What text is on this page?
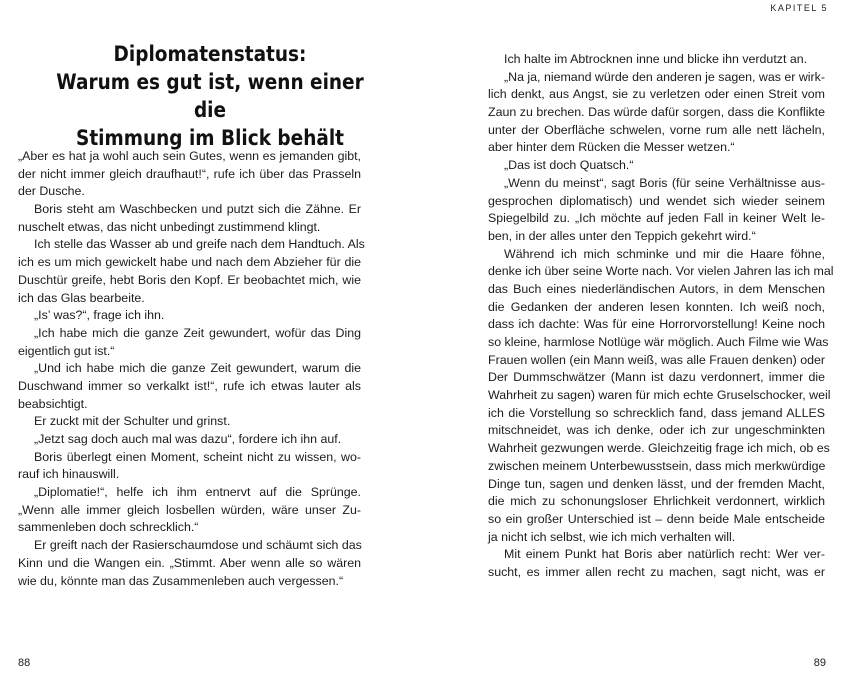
Diplomatenstatus:
Warum es gut ist, wenn einer die
Stimmung im Blick behält
„Aber es hat ja wohl auch sein Gutes, wenn es jemanden gibt,
der nicht immer gleich draufhaut!“, rufe ich über das Prasseln
der Dusche.
Boris steht am Waschbecken und putzt sich die Zähne. Er
nuschelt etwas, das nicht unbedingt zustimmend klingt.
Ich stelle das Wasser ab und greife nach dem Handtuch. Als
ich es um mich gewickelt habe und nach dem Abzieher für die
Duschtür greife, hebt Boris den Kopf. Er beobachtet mich, wie
ich das Glas bearbeite.
„Is’ was?“, frage ich ihn.
„Ich habe mich die ganze Zeit gewundert, wofür das Ding
eigentlich gut ist.“
„Und ich habe mich die ganze Zeit gewundert, warum die
Duschwand immer so verkalkt ist!“, rufe ich etwas lauter als
beabsichtigt.
Er zuckt mit der Schulter und grinst.
„Jetzt sag doch auch mal was dazu“, fordere ich ihn auf.
Boris überlegt einen Moment, scheint nicht zu wissen, wo-
rauf ich hinauswill.
„Diplomatie!“, helfe ich ihm entnervt auf die Sprünge.
„Wenn alle immer gleich losbellen würden, wäre unser Zu-
sammenleben doch schrecklich.“
Er greift nach der Rasierschaumdose und schäumt sich das
Kinn und die Wangen ein. „Stimmt. Aber wenn alle so wären
wie du, könnte man das Zusammenleben auch vergessen.“

88

KAPITEL 5

Ich halte im Abtrocknen inne und blicke ihn verdutzt an.
„Na ja, niemand würde den anderen je sagen, was er wirk-
lich denkt, aus Angst, sie zu verletzen oder einen Streit vom
Zaun zu brechen. Das würde dafür sorgen, dass die Konflikte
unter der Oberfläche schwelen, vorne rum alle nett lächeln,
aber hinter dem Rücken die Messer wetzen.“
„Das ist doch Quatsch.“
„Wenn du meinst“, sagt Boris (für seine Verhältnisse aus-
gesprochen diplomatisch) und wendet sich wieder seinem
Spiegelbild zu. „Ich möchte auf jeden Fall in keiner Welt le-
ben, in der alles unter den Teppich gekehrt wird.“
Während ich mich schminke und mir die Haare föhne,
denke ich über seine Worte nach. Vor vielen Jahren las ich mal
das Buch eines niederländischen Autors, in dem Menschen
die Gedanken der anderen lesen konnten. Ich weiß noch,
dass ich dachte: Was für eine Horrorvorstellung! Keine noch
so kleine, harmlose Notlüge wär möglich. Auch Filme wie Was
Frauen wollen (ein Mann weiß, was alle Frauen denken) oder
Der Dummschwätzer (Mann ist dazu verdonnert, immer die
Wahrheit zu sagen) waren für mich echte Gruselschocker, weil
ich die Vorstellung so schrecklich fand, dass jemand ALLES
mitschneidet, was ich denke, oder ich zur ungeschminkten
Wahrheit gezwungen werde. Gleichzeitig frage ich mich, ob es
zwischen meinem Unterbewusstsein, dass mich merkwürdige
Dinge tun, sagen und denken lässt, und der fremden Macht,
die mich zu schonungsloser Ehrlichkeit verdonnert, wirklich
so ein großer Unterschied ist – denn beide Male entscheide
ja nicht ich selbst, wie ich mich verhalten will.
Mit einem Punkt hat Boris aber natürlich recht: Wer ver-
sucht, es immer allen recht zu machen, sagt nicht, was er

89
